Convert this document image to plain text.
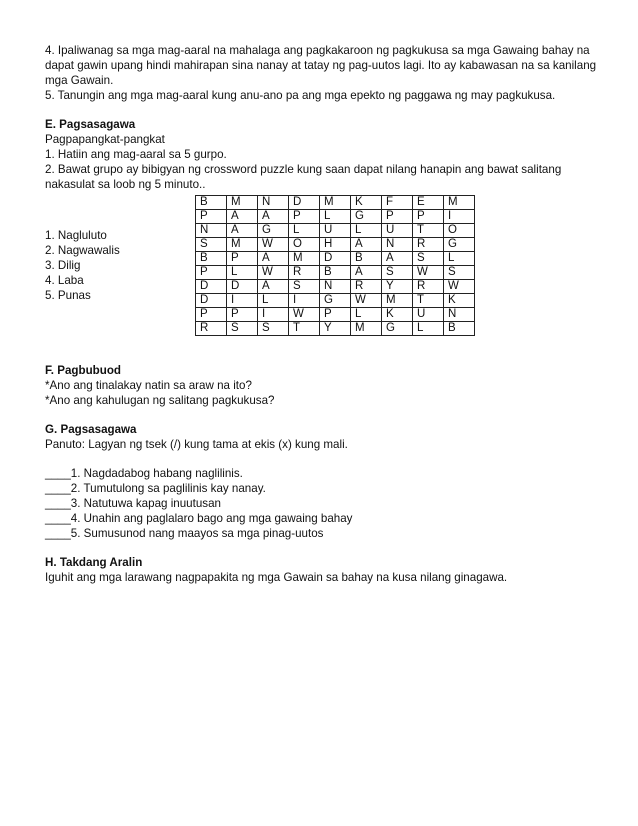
4. Ipaliwanag sa mga mag-aaral na mahalaga ang pagkakaroon ng pagkukusa sa mga Gawaing bahay na dapat gawin upang hindi mahirapan sina nanay at tatay ng pag-uutos lagi. Ito ay kabawasan na sa kanilang mga Gawain.

5. Tanungin ang mga mag-aaral kung anu-ano pa ang mga epekto ng paggawa ng may pagkukusa.

E. Pagsasagawa

Pagpapangkat-pangkat

1. Hatiin ang mag-aaral sa 5 gurpo.

2. Bawat grupo ay bibigyan ng crossword puzzle kung saan dapat nilang hanapin ang bawat salitang nakasulat sa loob ng 5 minuto..

1. Nagluluto

2. Nagwawalis

3. Dilig

4. Laba

5. Punas

B	M	N	D	M	K	F	E	M
P	A	A	P	L	G	P	P	I
N	A	G	L	U	L	U	T	O
S	M	W	O	H	A	N	R	G
B	P	A	M	D	B	A	S	L
P	L	W	R	B	A	S	W	S
D	D	A	S	N	R	Y	R	W
D	I	L	I	G	W	M	T	K
P	P	I	W	P	L	K	U	N
R	S	S	T	Y	M	G	L	B

F. Pagbubuod

*Ano ang tinalakay natin sa araw na ito?

*Ano ang kahulugan ng salitang pagkukusa?

G. Pagsasagawa

Panuto: Lagyan ng tsek (/) kung tama at ekis (x) kung mali.

____1. Nagdadabog habang naglilinis.

____2. Tumutulong sa paglilinis kay nanay.

____3. Natutuwa kapag inuutusan

____4. Unahin ang paglalaro bago ang mga gawaing bahay

____5. Sumusunod nang maayos sa mga pinag-uutos

H. Takdang Aralin

Iguhit ang mga larawang nagpapakita ng mga Gawain sa bahay na kusa nilang ginagawa.
